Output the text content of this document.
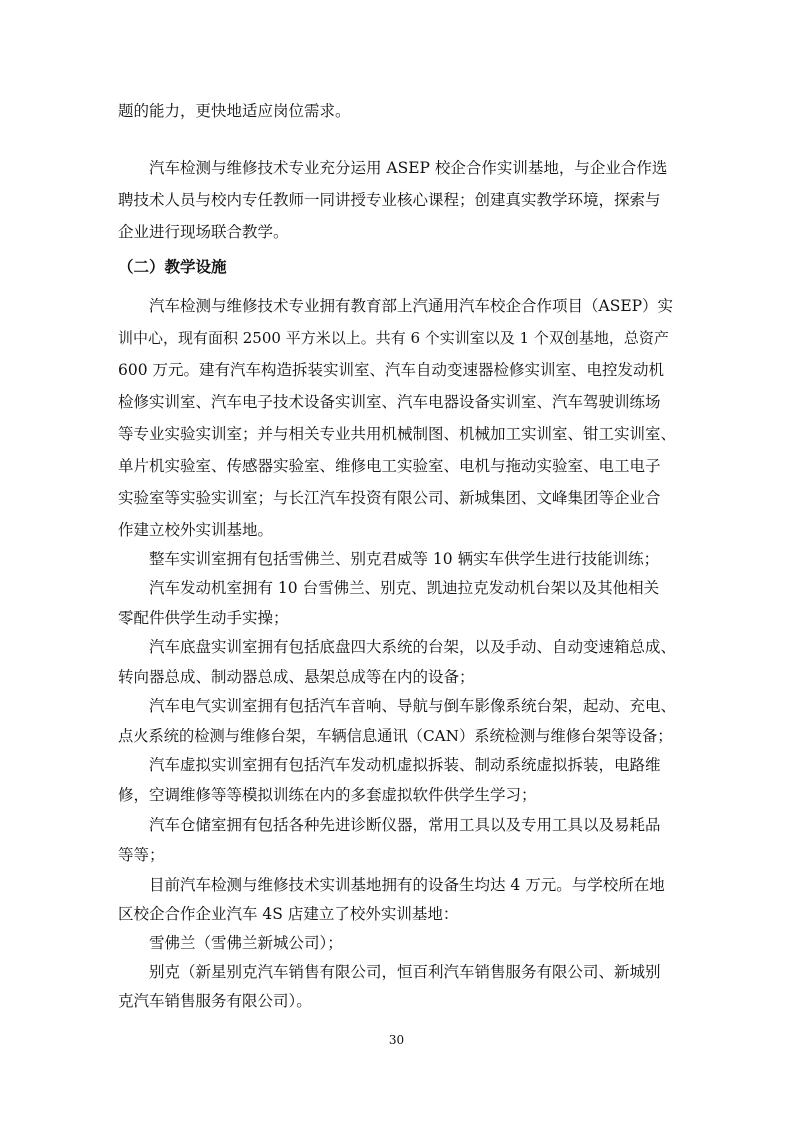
题的能力，更快地适应岗位需求。
汽车检测与维修技术专业充分运用 ASEP 校企合作实训基地，与企业合作选
聘技术人员与校内专任教师一同讲授专业核心课程；创建真实教学环境，探索与
企业进行现场联合教学。
（二）教学设施
汽车检测与维修技术专业拥有教育部上汽通用汽车校企合作项目（ASEP）实
训中心，现有面积 2500 平方米以上。共有 6 个实训室以及 1 个双创基地，总资产
600 万元。建有汽车构造拆装实训室、汽车自动变速器检修实训室、电控发动机
检修实训室、汽车电子技术设备实训室、汽车电器设备实训室、汽车驾驶训练场
等专业实验实训室；并与相关专业共用机械制图、机械加工实训室、钳工实训室、
单片机实验室、传感器实验室、维修电工实验室、电机与拖动实验室、电工电子
实验室等实验实训室；与长江汽车投资有限公司、新城集团、文峰集团等企业合
作建立校外实训基地。
整车实训室拥有包括雪佛兰、别克君威等 10 辆实车供学生进行技能训练；
汽车发动机室拥有 10 台雪佛兰、别克、凯迪拉克发动机台架以及其他相关
零配件供学生动手实操；
汽车底盘实训室拥有包括底盘四大系统的台架，以及手动、自动变速箱总成、
转向器总成、制动器总成、悬架总成等在内的设备；
汽车电气实训室拥有包括汽车音响、导航与倒车影像系统台架，起动、充电、
点火系统的检测与维修台架，车辆信息通讯（CAN）系统检测与维修台架等设备；
汽车虚拟实训室拥有包括汽车发动机虚拟拆装、制动系统虚拟拆装，电路维
修，空调维修等等模拟训练在内的多套虚拟软件供学生学习；
汽车仓储室拥有包括各种先进诊断仪器，常用工具以及专用工具以及易耗品
等等；
目前汽车检测与维修技术实训基地拥有的设备生均达 4 万元。与学校所在地
区校企合作企业汽车 4S 店建立了校外实训基地：
雪佛兰（雪佛兰新城公司）；
别克（新星别克汽车销售有限公司，恒百利汽车销售服务有限公司、新城别
克汽车销售服务有限公司）。
30
